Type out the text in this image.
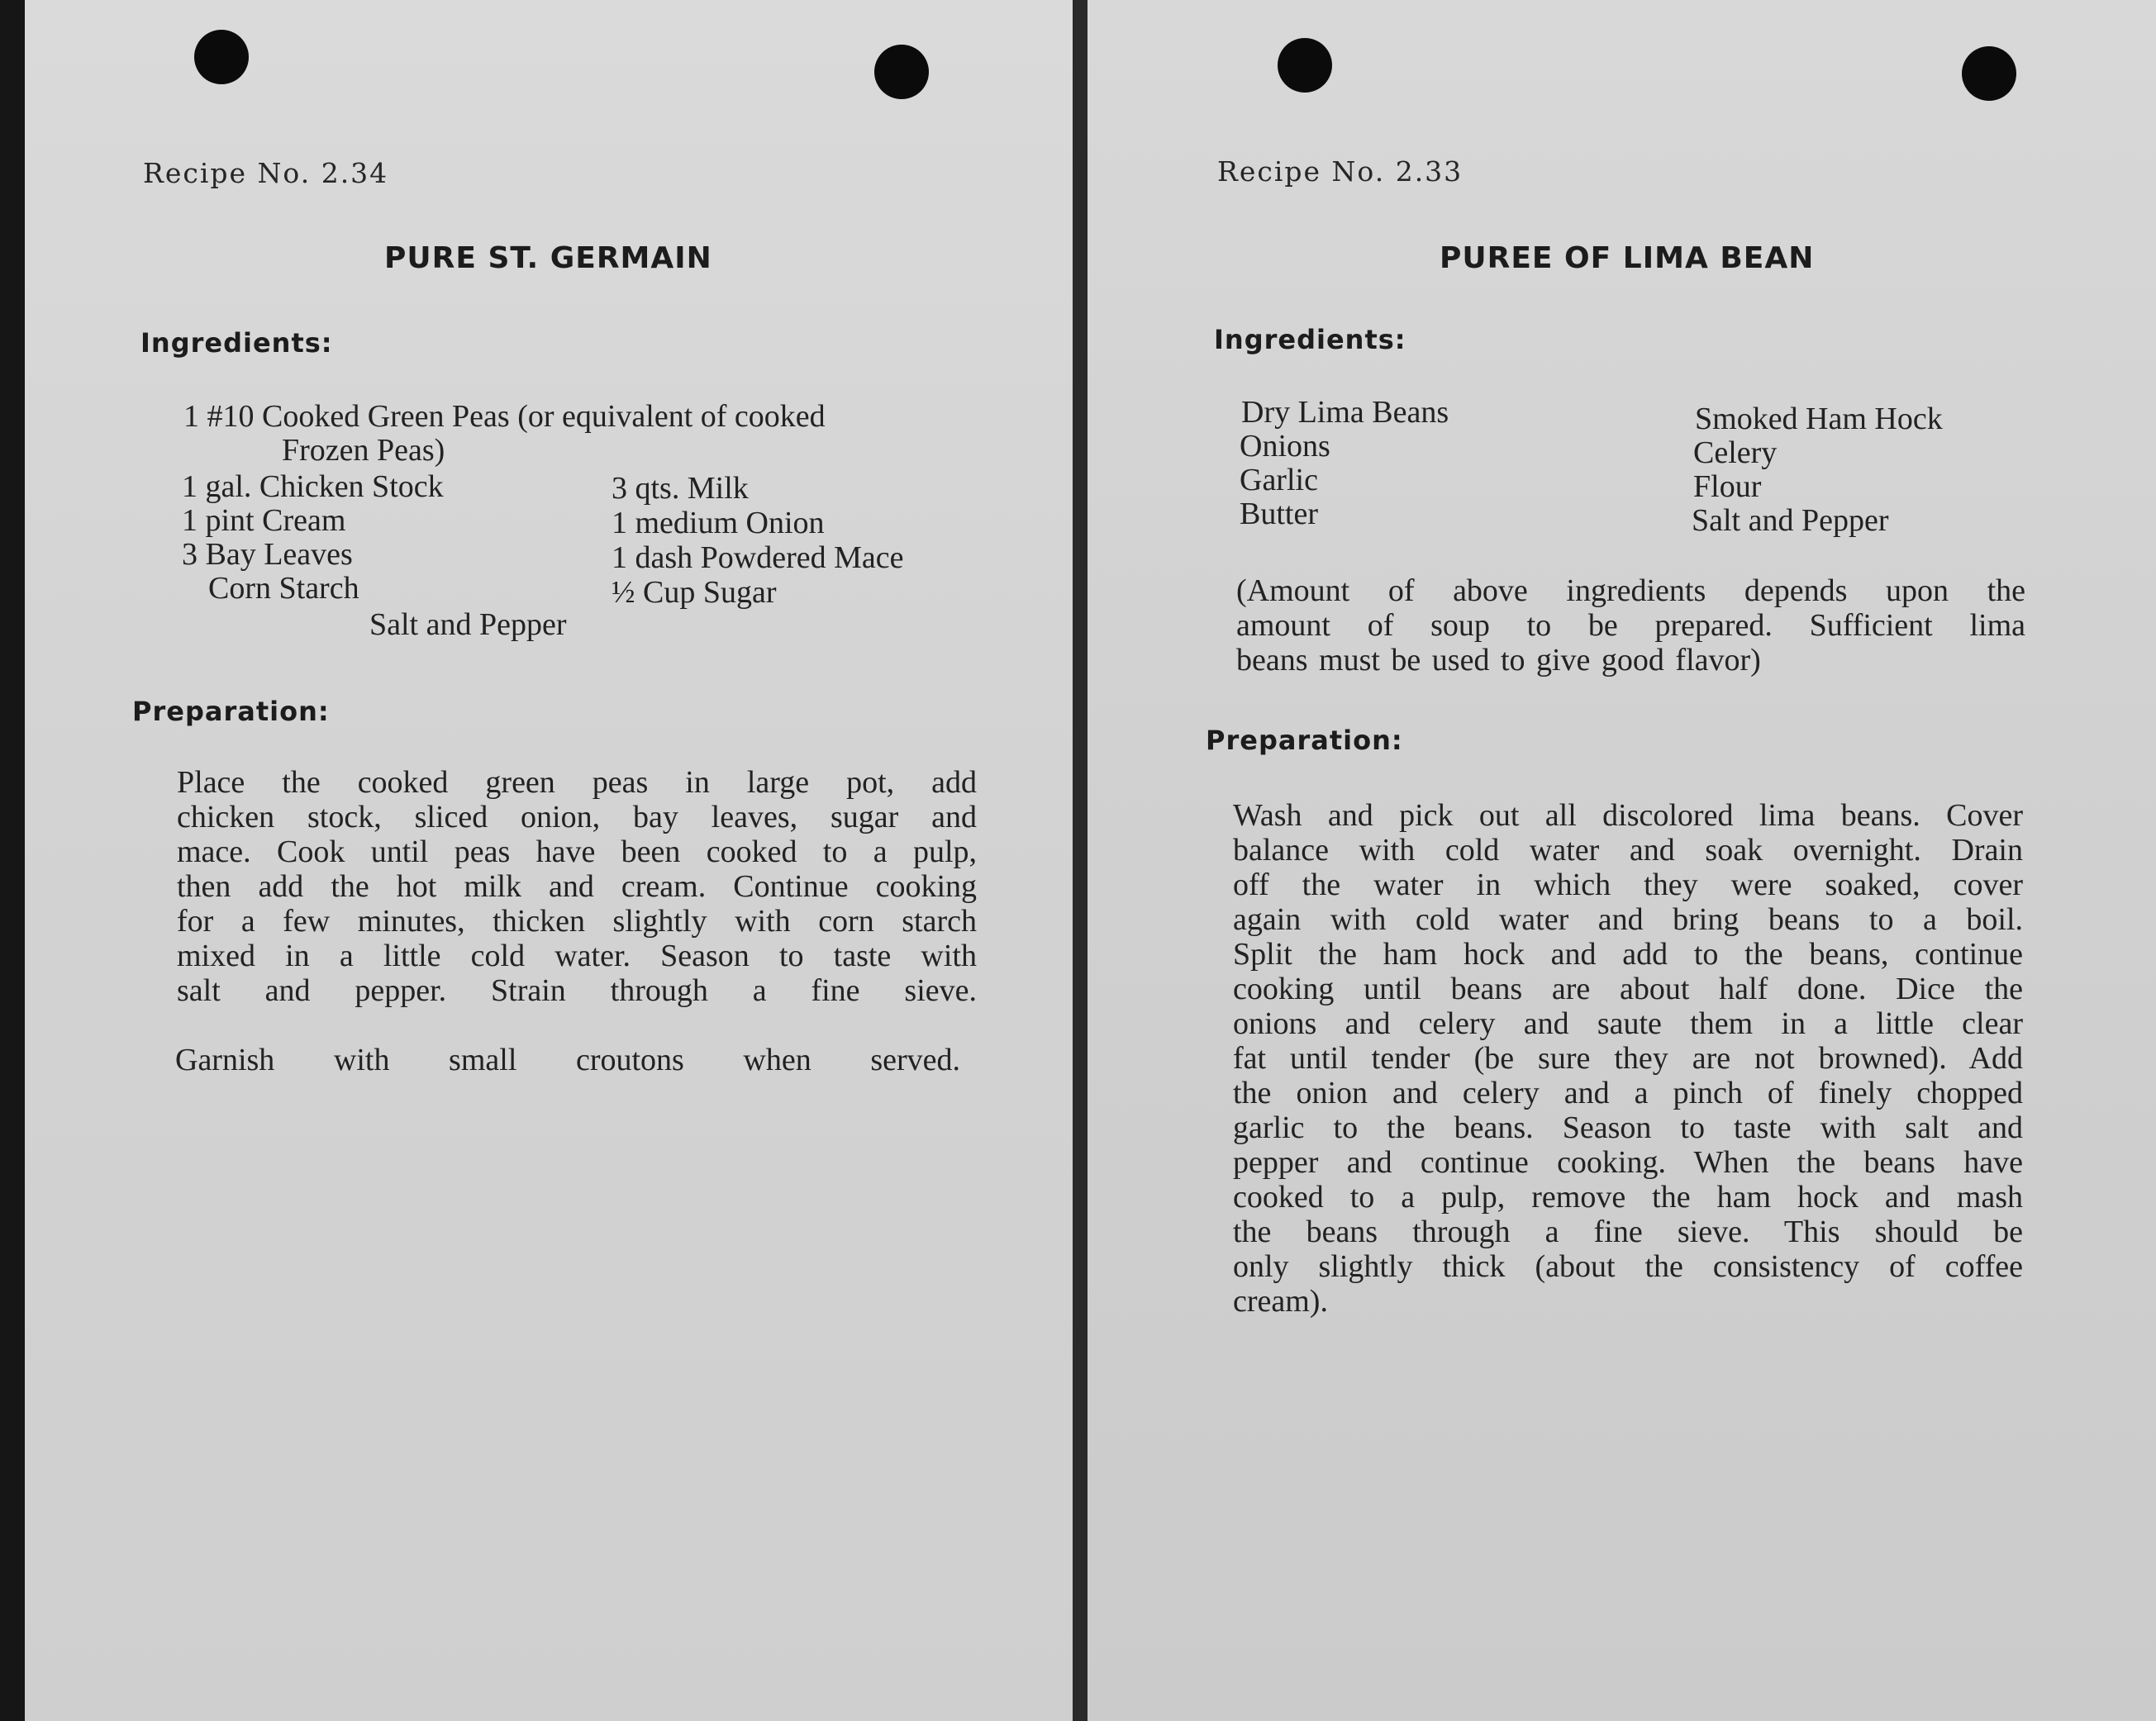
Recipe No. 2.34
PURE ST. GERMAIN
Ingredients:
1 #10 Cooked Green Peas (or equivalent of cooked
Frozen Peas)
1 gal. Chicken Stock
1 pint Cream
3 Bay Leaves
Corn Starch
3 qts. Milk
1 medium Onion
1 dash Powdered Mace
½ Cup Sugar
Salt and Pepper
Preparation:
Place the cooked green peas in large pot, add
chicken stock, sliced onion, bay leaves, sugar and
mace. Cook until peas have been cooked to a pulp,
then add the hot milk and cream. Continue cooking
for a few minutes, thicken slightly with corn starch
mixed in a little cold water. Season to taste with
salt and pepper. Strain through a fine sieve.
Garnish with small croutons when served.
Recipe No. 2.33
PUREE OF LIMA BEAN
Ingredients:
Dry Lima Beans
Onions
Garlic
Butter
Smoked Ham Hock
Celery
Flour
Salt and Pepper
(Amount of above ingredients depends upon the
amount of soup to be prepared. Sufficient lima
beans must be used to give good flavor)
Preparation:
Wash and pick out all discolored lima beans. Cover
balance with cold water and soak overnight. Drain
off the water in which they were soaked, cover
again with cold water and bring beans to a boil.
Split the ham hock and add to the beans, continue
cooking until beans are about half done. Dice the
onions and celery and saute them in a little clear
fat until tender (be sure they are not browned). Add
the onion and celery and a pinch of finely chopped
garlic to the beans. Season to taste with salt and
pepper and continue cooking. When the beans have
cooked to a pulp, remove the ham hock and mash
the beans through a fine sieve. This should be
only slightly thick (about the consistency of coffee
cream).
